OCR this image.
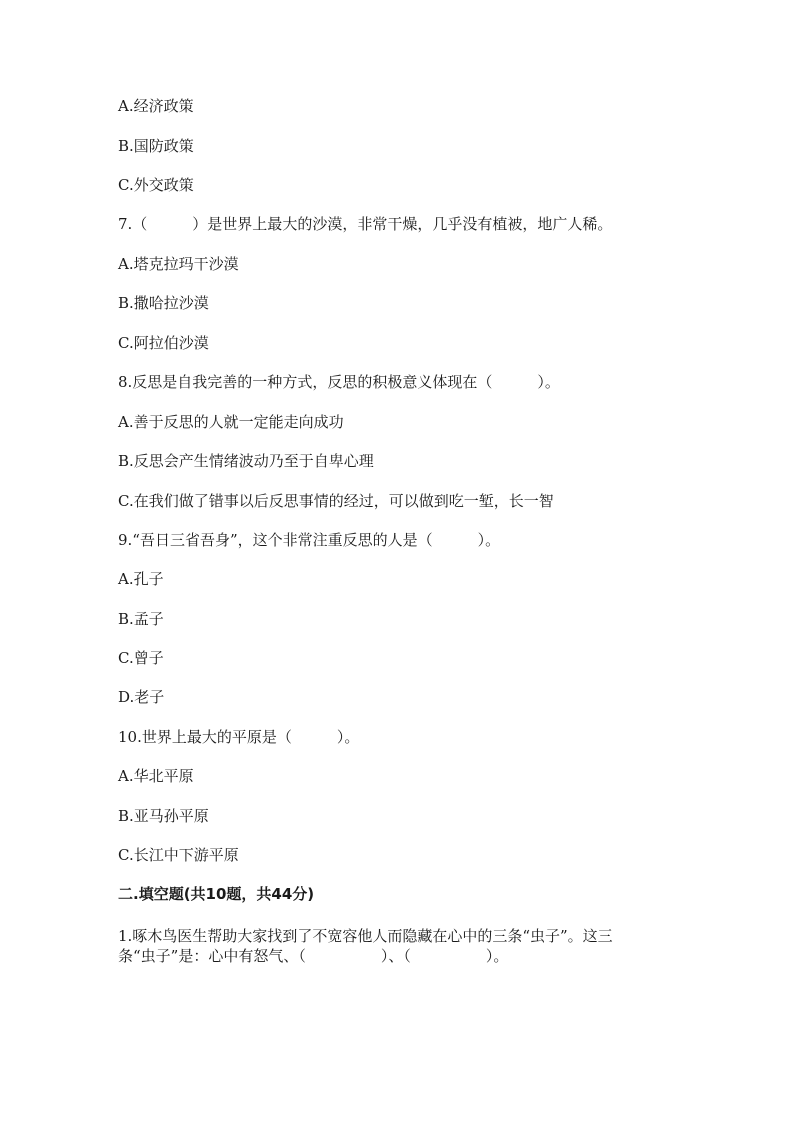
A.经济政策
B.国防政策
C.外交政策
7.（　　　）是世界上最大的沙漠，非常干燥，几乎没有植被，地广人稀。
A.塔克拉玛干沙漠
B.撒哈拉沙漠
C.阿拉伯沙漠
8.反思是自我完善的一种方式，反思的积极意义体现在（　　　）。
A.善于反思的人就一定能走向成功
B.反思会产生情绪波动乃至于自卑心理
C.在我们做了错事以后反思事情的经过，可以做到吃一堑，长一智
9.“吾日三省吾身”，这个非常注重反思的人是（　　　）。
A.孔子
B.孟子
C.曾子
D.老子
10.世界上最大的平原是（　　　）。
A.华北平原
B.亚马孙平原
C.长江中下游平原
二.填空题(共10题，共44分)
1.啄木鸟医生帮助大家找到了不宽容他人而隐藏在心中的三条“虫子”。这三
条“虫子”是：心中有怒气、（　　　　　）、（　　　　　）。
